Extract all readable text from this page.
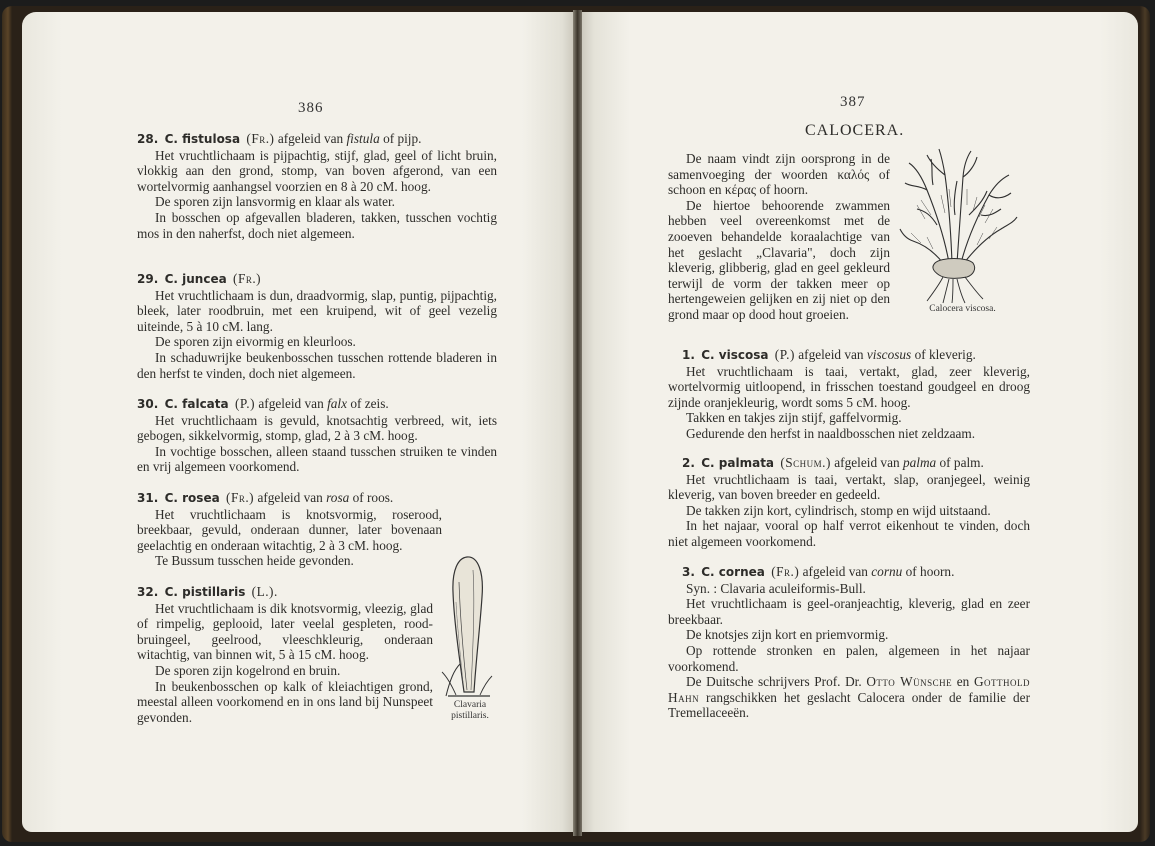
386

28. C. fistulosa (Fr.) afgeleid van fistula of pijp.

Het vruchtlichaam is pijpachtig, stijf, glad, geel of licht bruin, vlokkig aan den grond, stomp, van boven afgerond, van een wortelvormig aanhangsel voorzien en 8 à 20 cM. hoog.

De sporen zijn lansvormig en klaar als water.

In bosschen op afgevallen bladeren, takken, tusschen vochtig mos in den naherfst, doch niet algemeen.

29. C. juncea (Fr.)

Het vruchtlichaam is dun, draadvormig, slap, puntig, pijpachtig, bleek, later roodbruin, met een kruipend, wit of geel vezelig uiteinde, 5 à 10 cM. lang.

De sporen zijn eivormig en kleurloos.

In schaduwrijke beukenbosschen tusschen rottende bladeren in den herfst te vinden, doch niet algemeen.

30. C. falcata (P.) afgeleid van falx of zeis.

Het vruchtlichaam is gevuld, knotsachtig verbreed, wit, iets gebogen, sikkelvormig, stomp, glad, 2 à 3 cM. hoog.

In vochtige bosschen, alleen staand tusschen struiken te vinden en vrij algemeen voorkomend.

31. C. rosea (Fr.) afgeleid van rosa of roos.

Het vruchtlichaam is knotsvormig, roserood, breekbaar, gevuld, onderaan dunner, later bovenaan geelachtig en onderaan witachtig, 2 à 3 cM. hoog.

Te Bussum tusschen heide gevonden.

32. C. pistillaris (L.).

Het vruchtlichaam is dik knotsvormig, vleezig, glad of rimpelig, geplooid, later veelal gespleten, rood-bruingeel, geelrood, vleeschkleurig, onderaan witachtig, van binnen wit, 5 à 15 cM. hoog.

De sporen zijn kogelrond en bruin.

In beukenbosschen op kalk of kleiachtigen grond, meestal alleen voorkomend en in ons land bij Nunspeet gevonden.

Clavaria
pistillaris.
387
CALOCERA.

De naam vindt zijn oorsprong in de samenvoeging der woorden καλός of schoon en κέρας of hoorn.

De hiertoe behoorende zwammen hebben veel overeenkomst met de zooeven behandelde koraalachtige van het geslacht „Clavaria", doch zijn kleverig, glibberig, glad en geel gekleurd terwijl de vorm der takken meer op hertengeweien gelijken en zij niet op den grond maar op dood hout groeien.	Calocera viscosa.

1. C. viscosa (P.) afgeleid van viscosus of kleverig.

Het vruchtlichaam is taai, vertakt, glad, zeer kleverig, wortelvormig uitloopend, in frisschen toestand goudgeel en droog zijnde oranjekleurig, wordt soms 5 cM. hoog.

Takken en takjes zijn stijf, gaffelvormig.

Gedurende den herfst in naaldbosschen niet zeldzaam.

2. C. palmata (Schum.) afgeleid van palma of palm.

Het vruchtlichaam is taai, vertakt, slap, oranjegeel, weinig kleverig, van boven breeder en gedeeld.

De takken zijn kort, cylindrisch, stomp en wijd uitstaand.

In het najaar, vooral op half verrot eikenhout te vinden, doch niet algemeen voorkomend.

3. C. cornea (Fr.) afgeleid van cornu of hoorn.

Syn. : Clavaria aculeiformis-Bull.

Het vruchtlichaam is geel-oranjeachtig, kleverig, glad en zeer breekbaar.

De knotsjes zijn kort en priemvormig.

Op rottende stronken en palen, algemeen in het najaar voorkomend.

De Duitsche schrijvers Prof. Dr. Otto Wünsche en Gotthold Hahn rangschikken het geslacht Calocera onder de familie der Tremellaceeën.
